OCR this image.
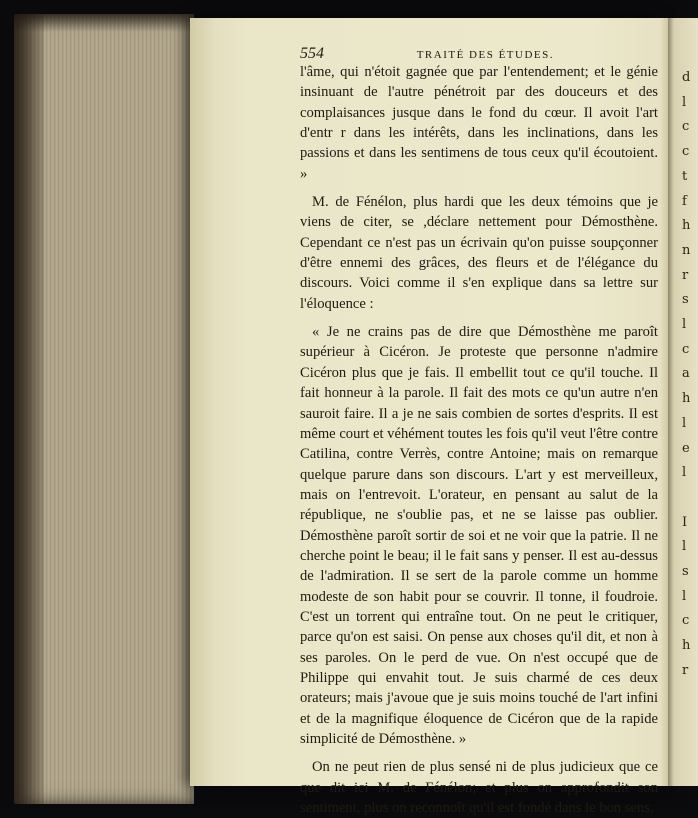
d
l
c
c
t
f
h
n
r
s
l
c
a
h
l
e
l

I
l
s
l
c
h
r
554	TRAITÉ DES ÉTUDES.

l'âme, qui n'étoit gagnée que par l'entendement; et le génie insinuant de l'autre pénétroit par des douceurs et des complaisances jusque dans le fond du cœur. Il avoit l'art d'entr r dans les intérêts, dans les inclinations, dans les passions et dans les sentimens de tous ceux qu'il écoutoient. »

M. de Fénélon, plus hardi que les deux témoins que je viens de citer, se ,déclare nettement pour Démosthène. Cependant ce n'est pas un écrivain qu'on puisse soupçonner d'être ennemi des grâces, des fleurs et de l'élégance du discours. Voici comme il s'en explique dans sa lettre sur l'éloquence :

« Je ne crains pas de dire que Démosthène me paroît supérieur à Cicéron. Je proteste que personne n'admire Cicéron plus que je fais. Il embellit tout ce qu'il touche. Il fait honneur à la parole. Il fait des mots ce qu'un autre n'en sauroit faire. Il a je ne sais combien de sortes d'esprits. Il est même court et véhément toutes les fois qu'il veut l'être contre Catilina, contre Verrès, contre Antoine; mais on remarque quelque parure dans son discours. L'art y est merveilleux, mais on l'entrevoit. L'orateur, en pensant au salut de la république, ne s'oublie pas, et ne se laisse pas oublier. Démosthène paroît sortir de soi et ne voir que la patrie. Il ne cherche point le beau; il le fait sans y penser. Il est au-dessus de l'admiration. Il se sert de la parole comme un homme modeste de son habit pour se couvrir. Il tonne, il foudroie. C'est un torrent qui entraîne tout. On ne peut le critiquer, parce qu'on est saisi. On pense aux choses qu'il dit, et non à ses paroles. On le perd de vue. On n'est occupé que de Philippe qui envahit tout. Je suis charmé de ces deux orateurs; mais j'avoue que je suis moins touché de l'art infini et de la magnifique éloquence de Cicéron que de la rapide simplicité de Démosthène. »

On ne peut rien de plus sensé ni de plus judicieux que ce que dit ici M. de Fénélon; et plus on approfondit son sentiment, plus on reconnoît qu'il est fondé dans le bon sens,
